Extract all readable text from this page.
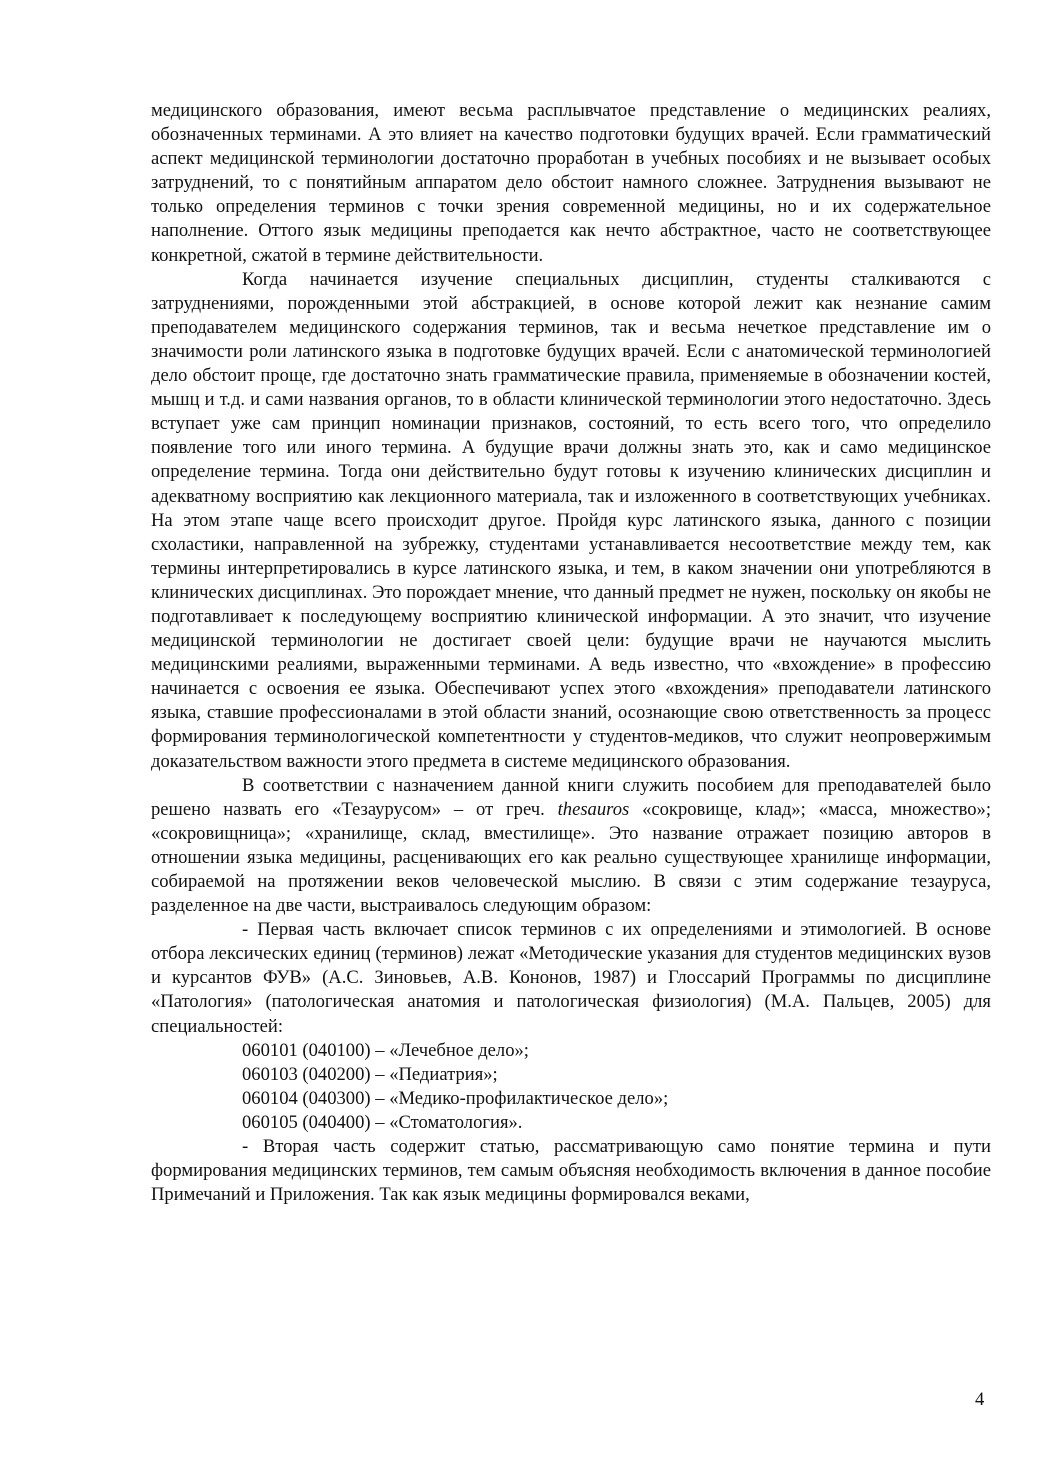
медицинского образования, имеют весьма расплывчатое представление о медицинских реалиях, обозначенных терминами. А это влияет на качество подготовки будущих врачей. Если грамматический аспект медицинской терминологии достаточно проработан в учебных пособиях и не вызывает особых затруднений, то с понятийным аппаратом дело обстоит намного сложнее. Затруднения вызывают не только определения терминов с точки зрения современной медицины, но и их содержательное наполнение. Оттого язык медицины преподается как нечто абстрактное, часто не соответствующее конкретной, сжатой в термине действительности.

Когда начинается изучение специальных дисциплин, студенты сталкиваются с затруднениями, порожденными этой абстракцией, в основе которой лежит как незнание самим преподавателем медицинского содержания терминов, так и весьма нечеткое представление им о значимости роли латинского языка в подготовке будущих врачей. Если с анатомической терминологией дело обстоит проще, где достаточно знать грамматические правила, применяемые в обозначении костей, мышц и т.д. и сами названия органов, то в области клинической терминологии этого недостаточно. Здесь вступает уже сам принцип номинации признаков, состояний, то есть всего того, что определило появление того или иного термина. А будущие врачи должны знать это, как и само медицинское определение термина. Тогда они действительно будут готовы к изучению клинических дисциплин и адекватному восприятию как лекционного материала, так и изложенного в соответствующих учебниках. На этом этапе чаще всего происходит другое. Пройдя курс латинского языка, данного с позиции схоластики, направленной на зубрежку, студентами устанавливается несоответствие между тем, как термины интерпретировались в курсе латинского языка, и тем, в каком значении они употребляются в клинических дисциплинах. Это порождает мнение, что данный предмет не нужен, поскольку он якобы не подготавливает к последующему восприятию клинической информации. А это значит, что изучение медицинской терминологии не достигает своей цели: будущие врачи не научаются мыслить медицинскими реалиями, выраженными терминами. А ведь известно, что «вхождение» в профессию начинается с освоения ее языка. Обеспечивают успех этого «вхождения» преподаватели латинского языка, ставшие профессионалами в этой области знаний, осознающие свою ответственность за процесс формирования терминологической компетентности у студентов-медиков, что служит неопровержимым доказательством важности этого предмета в системе медицинского образования.

В соответствии с назначением данной книги служить пособием для преподавателей было решено назвать его «Тезаурусом» – от греч. thesauros «сокровище, клад»; «масса, множество»; «сокровищница»; «хранилище, склад, вместилище». Это название отражает позицию авторов в отношении языка медицины, расценивающих его как реально существующее хранилище информации, собираемой на протяжении веков человеческой мыслию. В связи с этим содержание тезауруса, разделенное на две части, выстраивалось следующим образом:

- Первая часть включает список терминов с их определениями и этимологией. В основе отбора лексических единиц (терминов) лежат «Методические указания для студентов медицинских вузов и курсантов ФУВ» (А.С. Зиновьев, А.В. Кононов, 1987) и Глоссарий Программы по дисциплине «Патология» (патологическая анатомия и патологическая физиология) (М.А. Пальцев, 2005) для специальностей:

060101 (040100) – «Лечебное дело»;

060103 (040200) – «Педиатрия»;

060104 (040300) – «Медико-профилактическое дело»;

060105 (040400) – «Стоматология».

- Вторая часть содержит статью, рассматривающую само понятие термина и пути формирования медицинских терминов, тем самым объясняя необходимость включения в данное пособие Примечаний и Приложения. Так как язык медицины формировался веками,

4
